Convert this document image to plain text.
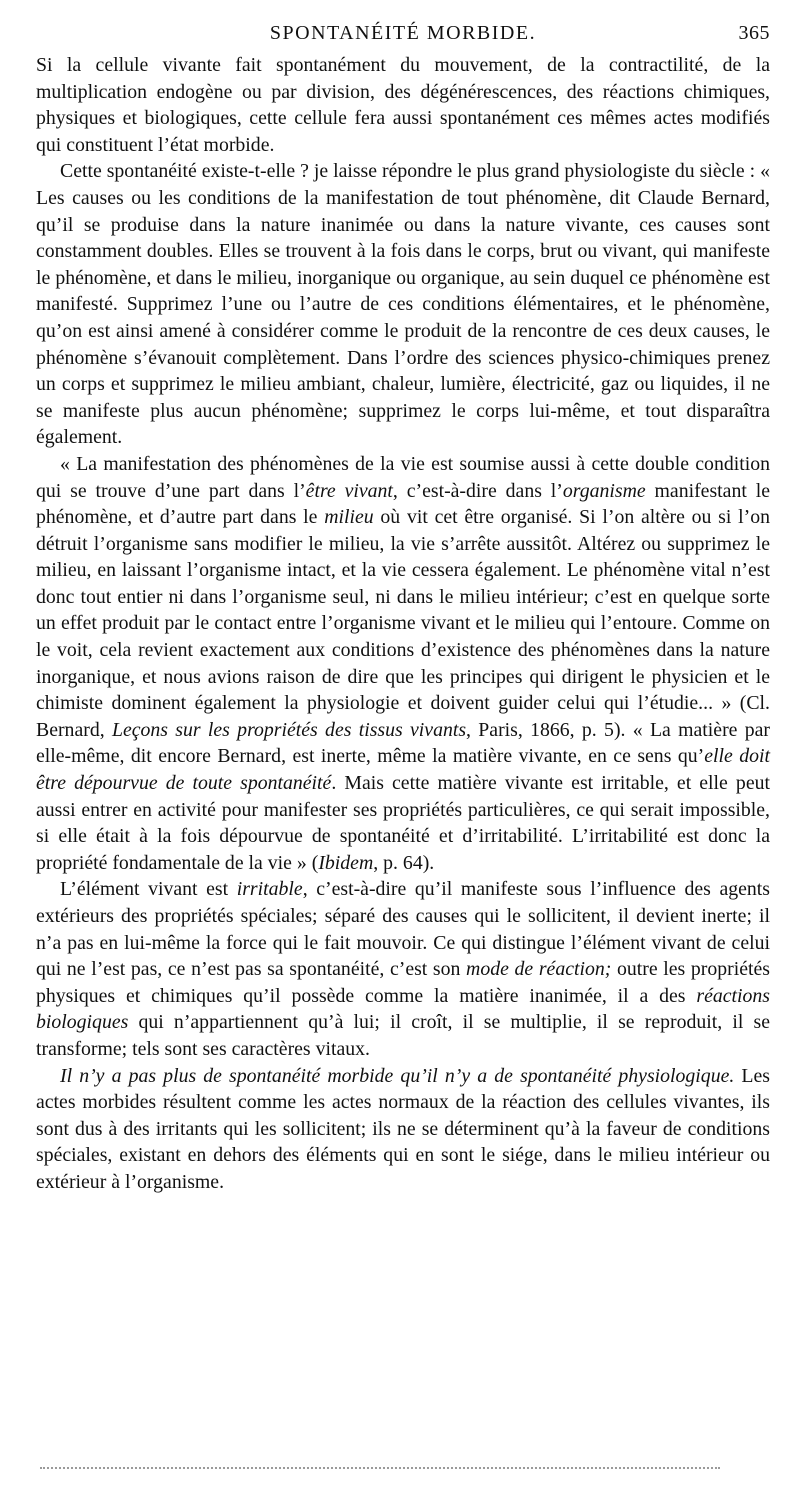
SPONTANÉITÉ MORBIDE.	365

Si la cellule vivante fait spontanément du mouvement, de la contractilité, de la multiplication endogène ou par division, des dégénérescences, des réactions chimiques, physiques et biologiques, cette cellule fera aussi spontanément ces mêmes actes modifiés qui constituent l’état morbide.

Cette spontanéité existe-t-elle ? je laisse répondre le plus grand physiologiste du siècle : « Les causes ou les conditions de la manifestation de tout phénomène, dit Claude Bernard, qu’il se produise dans la nature inanimée ou dans la nature vivante, ces causes sont constamment doubles. Elles se trouvent à la fois dans le corps, brut ou vivant, qui manifeste le phénomène, et dans le milieu, inorganique ou organique, au sein duquel ce phénomène est manifesté. Supprimez l’une ou l’autre de ces conditions élémentaires, et le phénomène, qu’on est ainsi amené à considérer comme le produit de la rencontre de ces deux causes, le phénomène s’évanouit complètement. Dans l’ordre des sciences physico-chimiques prenez un corps et supprimez le milieu ambiant, chaleur, lumière, électricité, gaz ou liquides, il ne se manifeste plus aucun phénomène; supprimez le corps lui-même, et tout disparaîtra également.

« La manifestation des phénomènes de la vie est soumise aussi à cette double condition qui se trouve d’une part dans l’être vivant, c’est-à-dire dans l’organisme manifestant le phénomène, et d’autre part dans le milieu où vit cet être organisé. Si l’on altère ou si l’on détruit l’organisme sans modifier le milieu, la vie s’arrête aussitôt. Altérez ou supprimez le milieu, en laissant l’organisme intact, et la vie cessera également. Le phénomène vital n’est donc tout entier ni dans l’organisme seul, ni dans le milieu intérieur; c’est en quelque sorte un effet produit par le contact entre l’organisme vivant et le milieu qui l’entoure. Comme on le voit, cela revient exactement aux conditions d’existence des phénomènes dans la nature inorganique, et nous avions raison de dire que les principes qui dirigent le physicien et le chimiste dominent également la physiologie et doivent guider celui qui l’étudie... » (Cl. Bernard, Leçons sur les propriétés des tissus vivants, Paris, 1866, p. 5). « La matière par elle-même, dit encore Bernard, est inerte, même la matière vivante, en ce sens qu’elle doit être dépourvue de toute spontanéité. Mais cette matière vivante est irritable, et elle peut aussi entrer en activité pour manifester ses propriétés particulières, ce qui serait impossible, si elle était à la fois dépourvue de spontanéité et d’irritabilité. L’irritabilité est donc la propriété fondamentale de la vie » (Ibidem, p. 64).

L’élément vivant est irritable, c’est-à-dire qu’il manifeste sous l’influence des agents extérieurs des propriétés spéciales; séparé des causes qui le sollicitent, il devient inerte; il n’a pas en lui-même la force qui le fait mouvoir. Ce qui distingue l’élément vivant de celui qui ne l’est pas, ce n’est pas sa spontanéité, c’est son mode de réaction; outre les propriétés physiques et chimiques qu’il possède comme la matière inanimée, il a des réactions biologiques qui n’appartiennent qu’à lui; il croît, il se multiplie, il se reproduit, il se transforme; tels sont ses caractères vitaux.

Il n’y a pas plus de spontanéité morbide qu’il n’y a de spontanéité physiologique. Les actes morbides résultent comme les actes normaux de la réaction des cellules vivantes, ils sont dus à des irritants qui les sollicitent; ils ne se déterminent qu’à la faveur de conditions spéciales, existant en dehors des éléments qui en sont le siége, dans le milieu intérieur ou extérieur à l’organisme.
